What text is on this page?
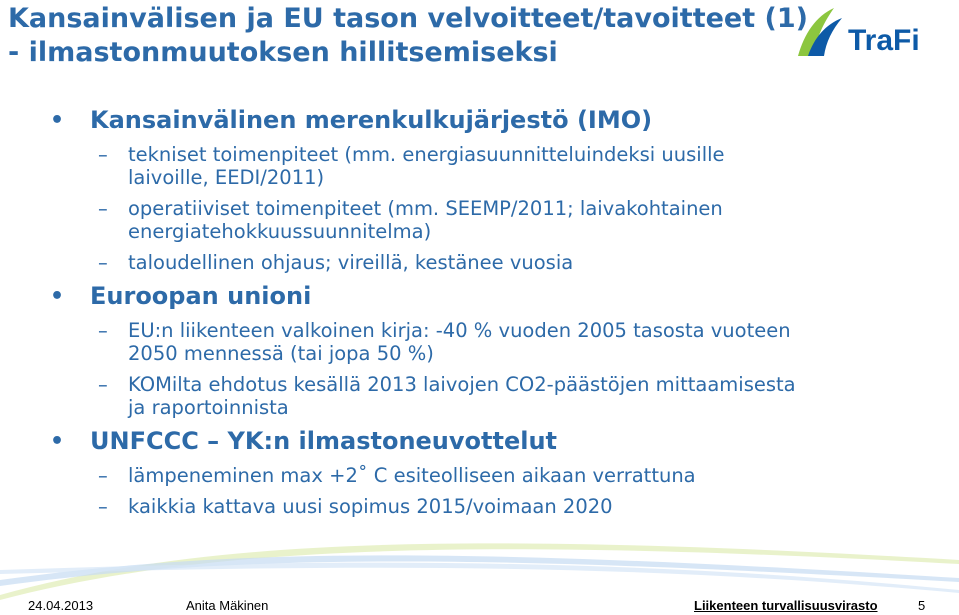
Kansainvälisen ja EU tason velvoitteet/tavoitteet (1)
- ilmastonmuutoksen hillitsemiseksi	TraFi
• Kansainvälinen merenkulkujärjestö (IMO)
– tekniset toimenpiteet (mm. energiasuunnitteluindeksi uusille laivoille, EEDI/2011)
– operatiiviset toimenpiteet (mm. SEEMP/2011; laivakohtainen energiatehokkuussuunnitelma)
– taloudellinen ohjaus; vireillä, kestänee vuosia
• Euroopan unioni
– EU:n liikenteen valkoinen kirja: -40 % vuoden 2005 tasosta vuoteen 2050 mennessä (tai jopa 50 %)
– KOMilta ehdotus kesällä 2013 laivojen CO2-päästöjen mittaamisesta ja raportoinnista
• UNFCCC – YK:n ilmastoneuvottelut
– lämpeneminen max +2˚ C esiteolliseen aikaan verrattuna
– kaikkia kattava uusi sopimus 2015/voimaan 2020
24.04.2013	Anita Mäkinen	Liikenteen turvallisuusvirasto	5
